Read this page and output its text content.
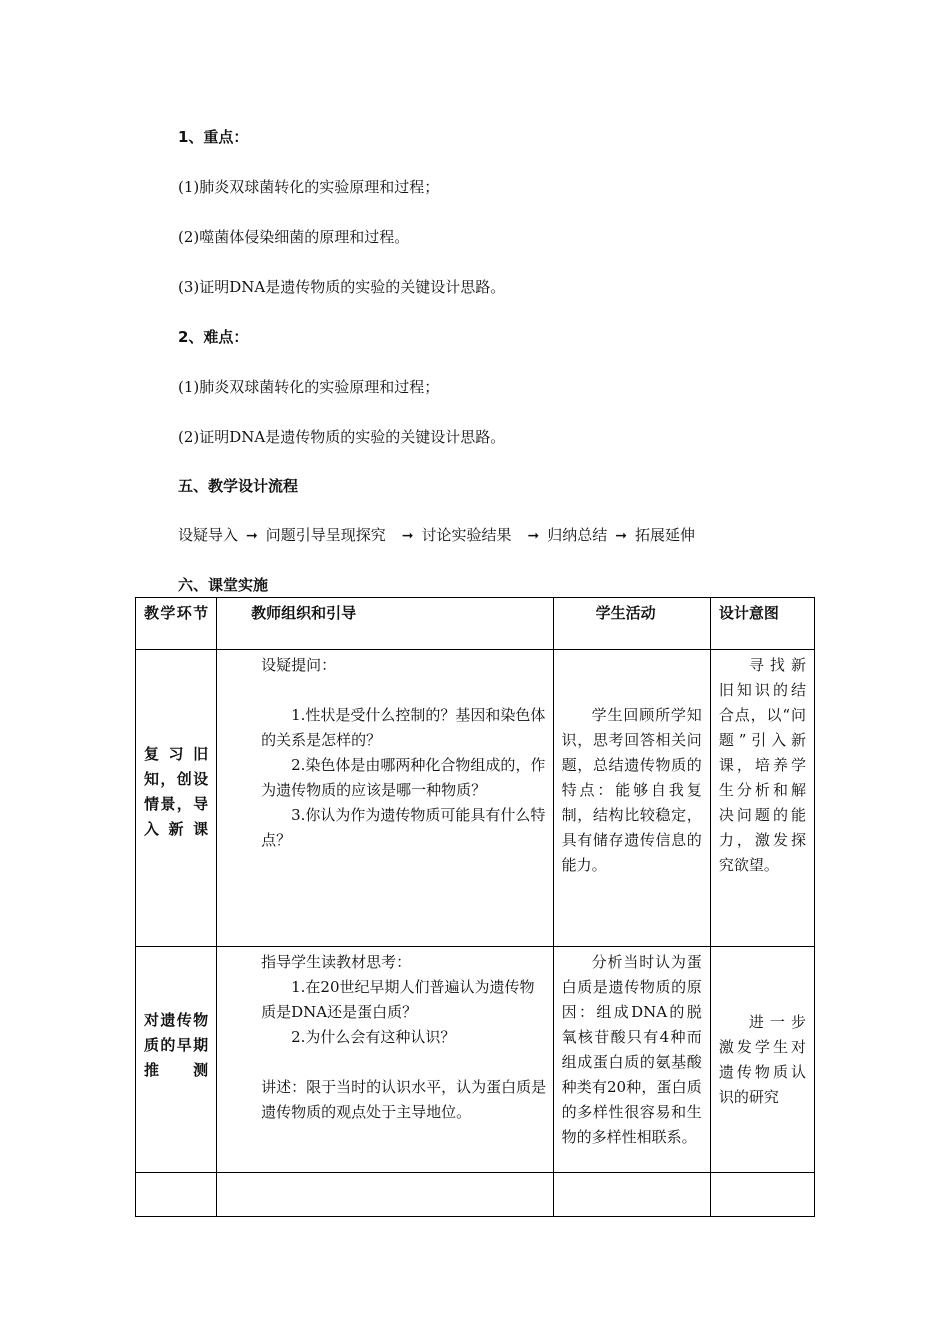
1、重点：
(1)肺炎双球菌转化的实验原理和过程；
(2)噬菌体侵染细菌的原理和过程。
(3)证明DNA是遗传物质的实验的关键设计思路。
2、难点：
(1)肺炎双球菌转化的实验原理和过程；
(2)证明DNA是遗传物质的实验的关键设计思路。
五、教学设计流程
设疑导入 ➞ 问题引导呈现探究 ➞ 讨论实验结果 ➞ 归纳总结 ➞ 拓展延伸
六、课堂实施
教学环节	教师组织和引导	学生活动	设计意图

复习旧知，创设情景，导入新课	设疑提问：

1.性状是受什么控制的？基因和染色体的关系是怎样的？

2.染色体是由哪两种化合物组成的，作为遗传物质的应该是哪一种物质？

3.你认为作为遗传物质可能具有什么特点？	学生回顾所学知识，思考回答相关问题，总结遗传物质的特点：能够自我复制，结构比较稳定，具有储存遗传信息的能力。	寻找新旧知识的结合点，以“问题”引入新课，培养学生分析和解决问题的能力，激发探究欲望。

对遗传物质的早期推测	指导学生读教材思考：

1.在20世纪早期人们普遍认为遗传物质是DNA还是蛋白质？

2.为什么会有这种认识？

讲述：限于当时的认识水平，认为蛋白质是遗传物质的观点处于主导地位。	分析当时认为蛋白质是遗传物质的原因：组成DNA的脱氧核苷酸只有4种而组成蛋白质的氨基酸种类有20种，蛋白质的多样性很容易和生物的多样性相联系。	进一步激发学生对遗传物质认识的研究
